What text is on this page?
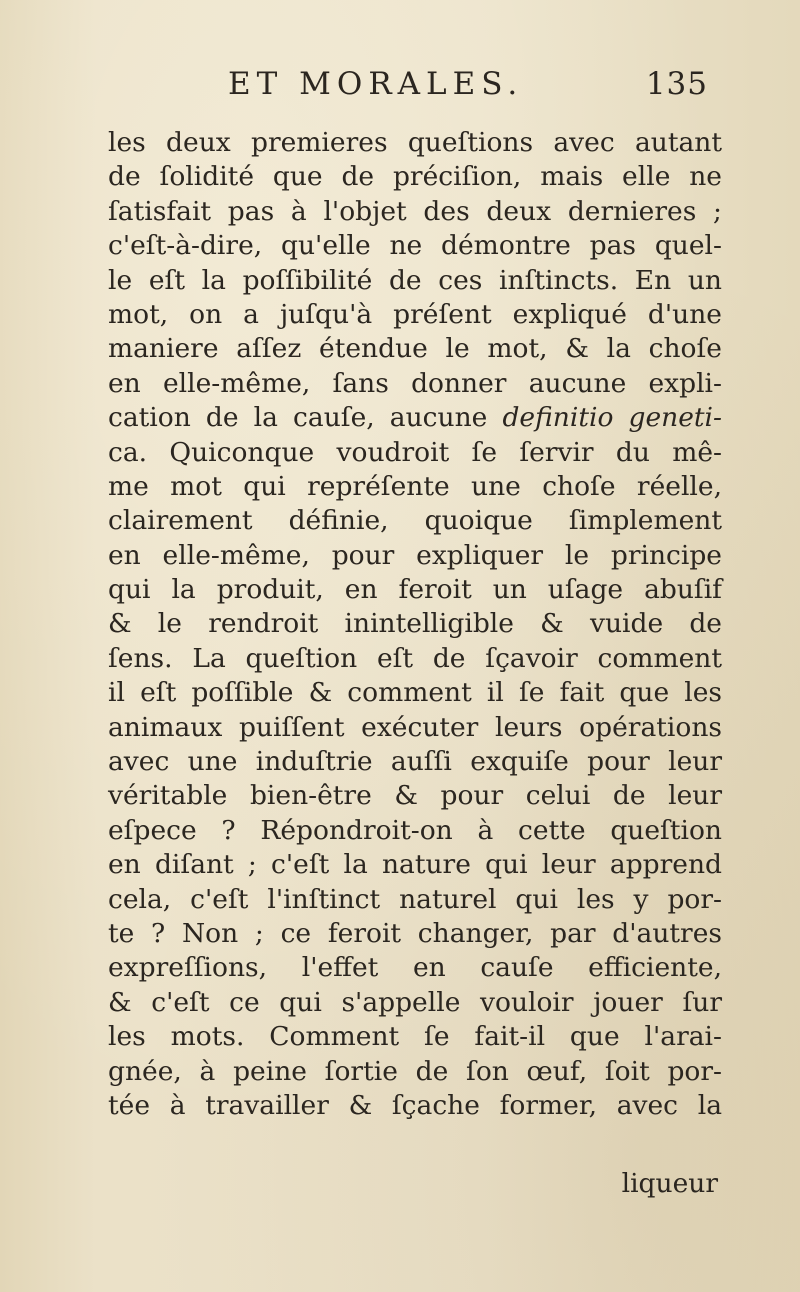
ET MORALES.	135
les deux premieres queſtions avec autant
de ſolidité que de préciſion, mais elle ne
ſatisfait pas à l'objet des deux dernieres ;
c'eſt-à-dire, qu'elle ne démontre pas quel-
le eſt la poſſibilité de ces inſtincts. En un
mot, on a juſqu'à préſent expliqué d'une
maniere aſſez étendue le mot, & la choſe
en elle-même, ſans donner aucune expli-
cation de la cauſe, aucune definitio geneti-
ca. Quiconque voudroit ſe ſervir du mê-
me mot qui repréſente une choſe réelle,
clairement définie, quoique ſimplement
en elle-même, pour expliquer le principe
qui la produit, en feroit un uſage abuſif
& le rendroit inintelligible & vuide de
ſens. La queſtion eſt de ſçavoir comment
il eſt poſſible & comment il ſe fait que les
animaux puiſſent exécuter leurs opérations
avec une induſtrie auſſi exquiſe pour leur
véritable bien-être & pour celui de leur
eſpece ? Répondroit-on à cette queſtion
en diſant ; c'eſt la nature qui leur apprend
cela, c'eſt l'inſtinct naturel qui les y por-
te ? Non ; ce feroit changer, par d'autres
expreſſions, l'effet en cauſe efficiente,
& c'eſt ce qui s'appelle vouloir jouer ſur
les mots. Comment ſe fait-il que l'arai-
gnée, à peine ſortie de ſon œuf, ſoit por-
tée à travailler & ſçache former, avec la
liqueur
